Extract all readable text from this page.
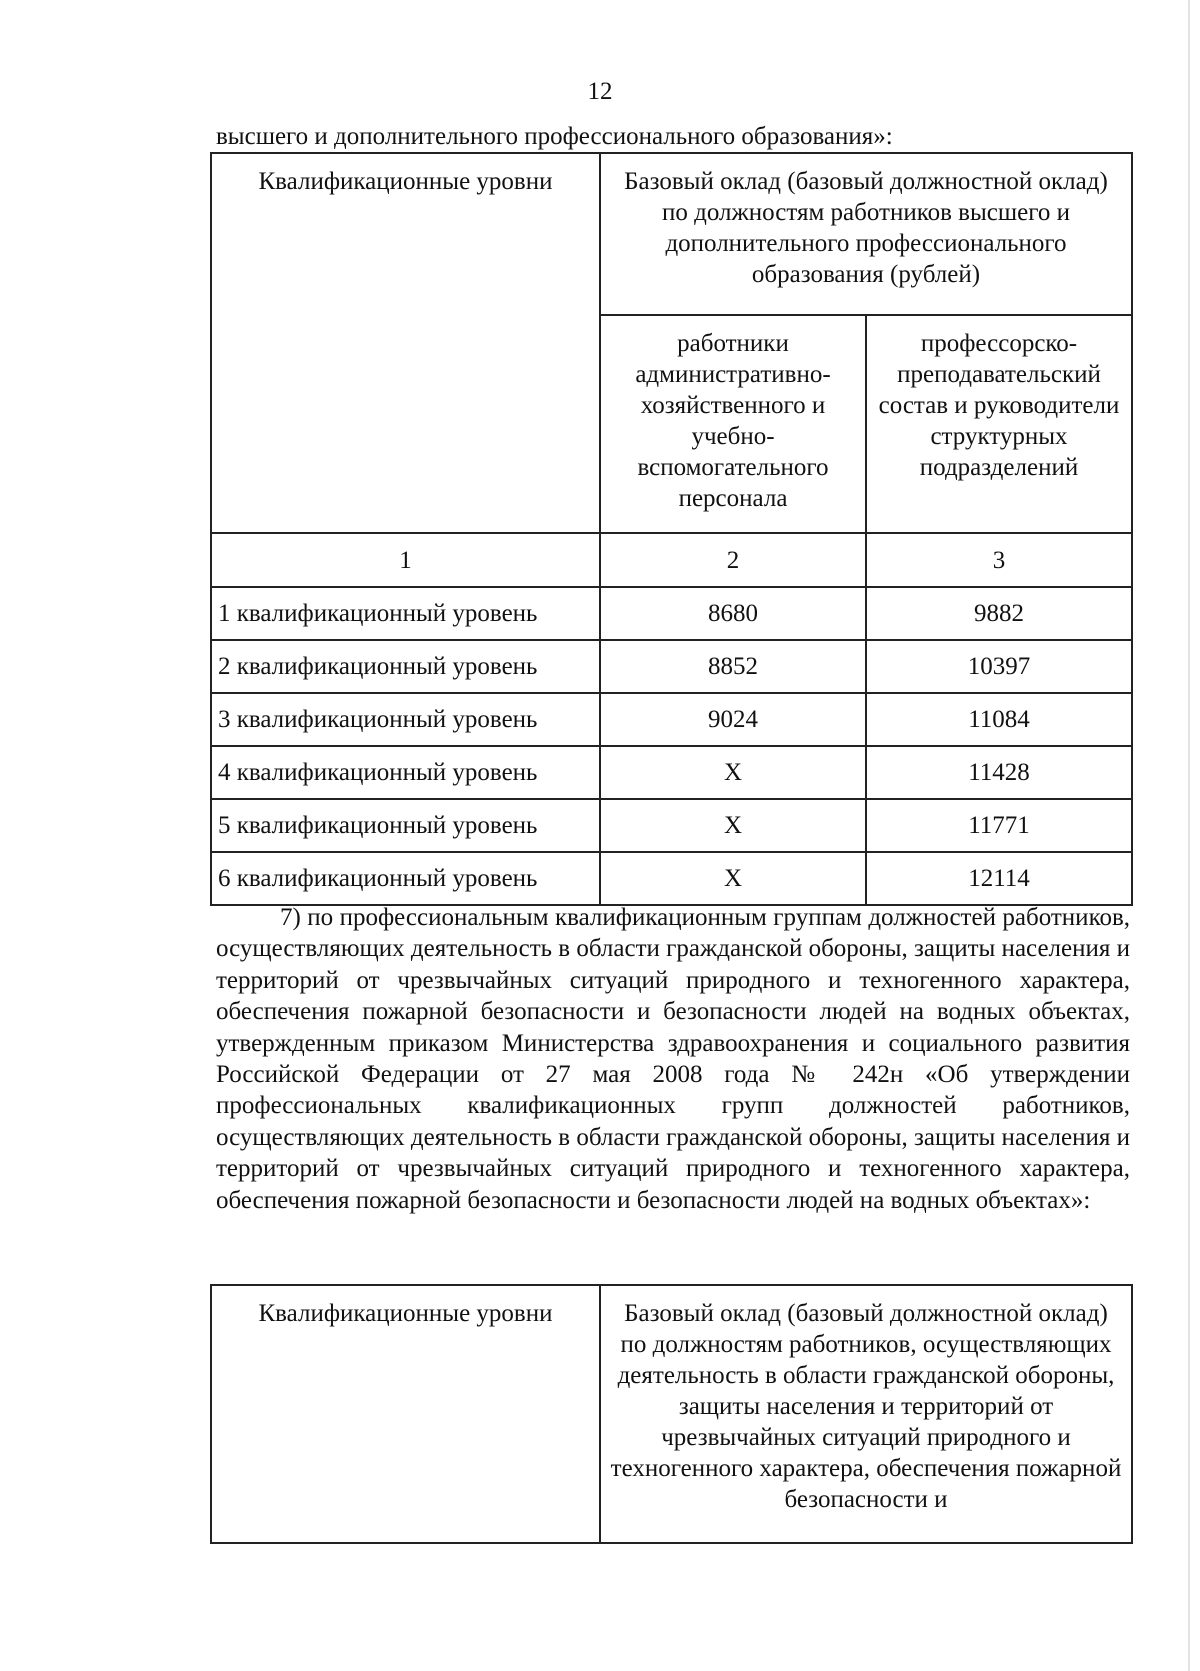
12
высшего и дополнительного профессионального образования»:
Квалификационные уровни	Базовый оклад (базовый должностной оклад) по должностям работников высшего и дополнительного профессионального образования (рублей)	

	работники административно-хозяйственного и учебно-вспомогательного персонала	профессорско-преподавательский состав и руководители структурных подразделений

1	2	3
1 квалификационный уровень	8680	9882
2 квалификационный уровень	8852	10397
3 квалификационный уровень	9024	11084
4 квалификационный уровень	Х	11428
5 квалификационный уровень	Х	11771
6 квалификационный уровень	Х	12114
7) по профессиональным квалификационным группам должностей работников, осуществляющих деятельность в области гражданской обороны, защиты населения и территорий от чрезвычайных ситуаций природного и техногенного характера, обеспечения пожарной безопасности и безопасности людей на водных объектах, утвержденным приказом Министерства здравоохранения и социального развития Российской Федерации от 27 мая 2008 года № 242н «Об утверждении профессиональных квалификационных групп должностей работников, осуществляющих деятельность в области гражданской обороны, защиты населения и территорий от чрезвычайных ситуаций природного и техногенного характера, обеспечения пожарной безопасности и безопасности людей на водных объектах»:
Квалификационные уровни	Базовый оклад (базовый должностной оклад) по должностям работников, осуществляющих деятельность в области гражданской обороны, защиты населения и территорий от чрезвычайных ситуаций природного и техногенного характера, обеспечения пожарной безопасности и
